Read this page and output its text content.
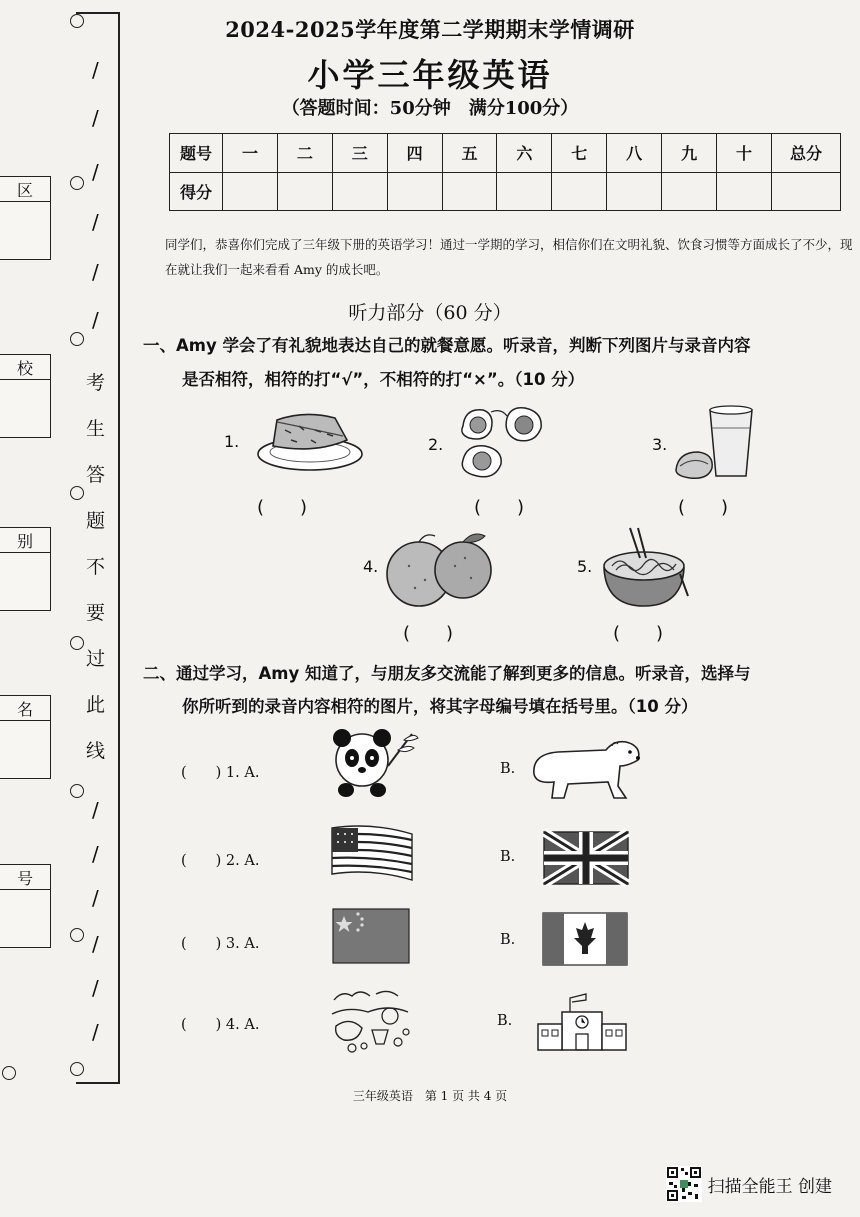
区
校
别
名
号
/
/
/
/
/
/
考
生
答
题
不
要
过
此
线
/
/
/
/
/
/
2024-2025学年度第二学期期末学情调研
小学三年级英语
（答题时间：50分钟　满分100分）
题号	一	二	三	四	五	六	七	八	九	十	总分
得分											
同学们，恭喜你们完成了三年级下册的英语学习！通过一学期的学习，相信你们在文明礼貌、饮食习惯等方面成长了不少，现在就让我们一起来看看 Amy 的成长吧。
听力部分（60 分）
一、Amy 学会了有礼貌地表达自己的就餐意愿。听录音，判断下列图片与录音内容
是否相符，相符的打“√”，不相符的打“×”。（10 分）
1.
(　　)
2.
(　　)
3.
(　　)
4.
(　　)
5.
(　　)
二、通过学习，Amy 知道了，与朋友多交流能了解到更多的信息。听录音，选择与
你所听到的录音内容相符的图片，将其字母编号填在括号里。（10 分）
(　　) 1. A.	B.
(　　) 2. A.	B.
(　　) 3. A.	B.
(　　) 4. A.	B.
三年级英语　第 1 页 共 4 页
扫描全能王 创建
